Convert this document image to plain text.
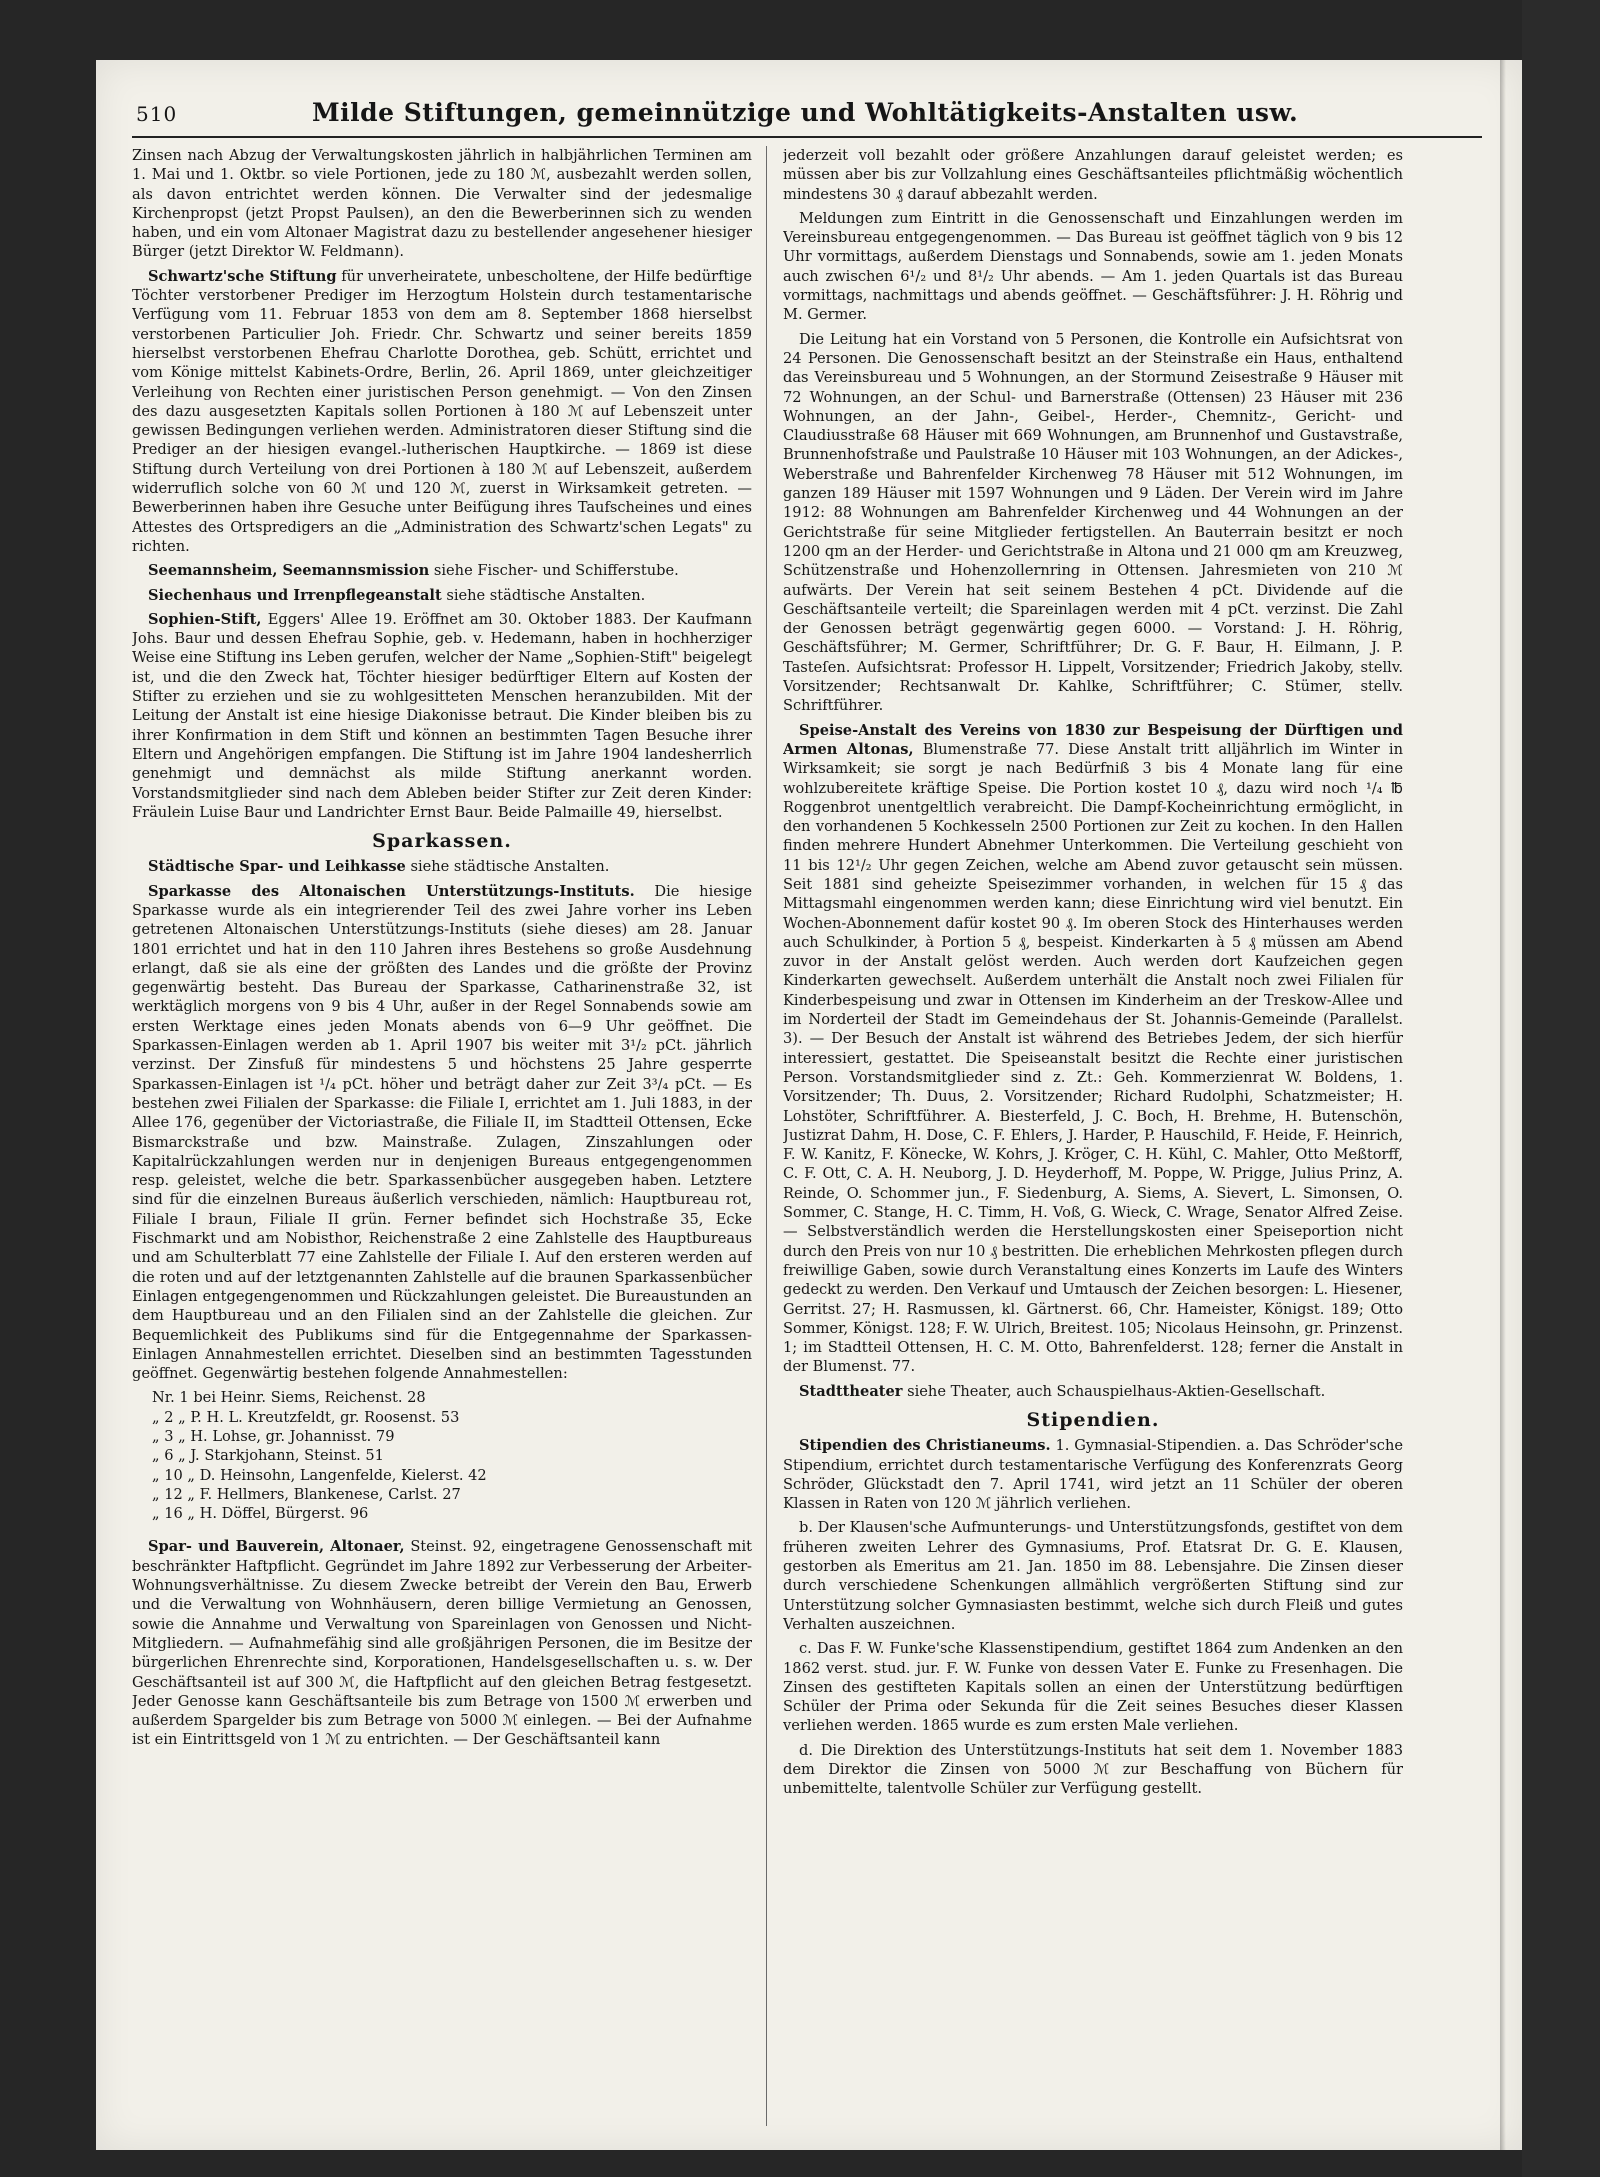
510	Milde Stiftungen, gemeinnützige und Wohltätigkeits-Anstalten usw.

Zinsen nach Abzug der Verwaltungskosten jährlich in halbjährlichen Terminen am 1. Mai und 1. Oktbr. so viele Portionen, jede zu 180 ℳ, ausbezahlt werden sollen, als davon entrichtet werden können. Die Verwalter sind der jedesmalige Kirchenpropst (jetzt Propst Paulsen), an den die Bewerberinnen sich zu wenden haben, und ein vom Altonaer Magistrat dazu zu bestellender angesehener hiesiger Bürger (jetzt Direktor W. Feldmann).

Schwartz'sche Stiftung für unverheiratete, unbescholtene, der Hilfe bedürftige Töchter verstorbener Prediger im Herzogtum Holstein durch testamentarische Verfügung vom 11. Februar 1853 von dem am 8. September 1868 hierselbst verstorbenen Particulier Joh. Friedr. Chr. Schwartz und seiner bereits 1859 hierselbst verstorbenen Ehefrau Charlotte Dorothea, geb. Schütt, errichtet und vom Könige mittelst Kabinets-Ordre, Berlin, 26. April 1869, unter gleichzeitiger Verleihung von Rechten einer juristischen Person genehmigt. — Von den Zinsen des dazu ausgesetzten Kapitals sollen Portionen à 180 ℳ auf Lebenszeit unter gewissen Bedingungen verliehen werden. Administratoren dieser Stiftung sind die Prediger an der hiesigen evangel.-lutherischen Hauptkirche. — 1869 ist diese Stiftung durch Verteilung von drei Portionen à 180 ℳ auf Lebenszeit, außerdem widerruflich solche von 60 ℳ und 120 ℳ, zuerst in Wirksamkeit getreten. — Bewerberinnen haben ihre Gesuche unter Beifügung ihres Taufscheines und eines Attestes des Ortspredigers an die „Administration des Schwartz'schen Legats" zu richten.

Seemannsheim, Seemannsmission siehe Fischer- und Schifferstube.

Siechenhaus und Irrenpflegeanstalt siehe städtische Anstalten.

Sophien-Stift, Eggers' Allee 19. Eröffnet am 30. Oktober 1883. Der Kaufmann Johs. Baur und dessen Ehefrau Sophie, geb. v. Hedemann, haben in hochherziger Weise eine Stiftung ins Leben gerufen, welcher der Name „Sophien-Stift" beigelegt ist, und die den Zweck hat, Töchter hiesiger bedürftiger Eltern auf Kosten der Stifter zu erziehen und sie zu wohlgesitteten Menschen heranzubilden. Mit der Leitung der Anstalt ist eine hiesige Diakonisse betraut. Die Kinder bleiben bis zu ihrer Konfirmation in dem Stift und können an bestimmten Tagen Besuche ihrer Eltern und Angehörigen empfangen. Die Stiftung ist im Jahre 1904 landesherrlich genehmigt und demnächst als milde Stiftung anerkannt worden. Vorstandsmitglieder sind nach dem Ableben beider Stifter zur Zeit deren Kinder: Fräulein Luise Baur und Landrichter Ernst Baur. Beide Palmaille 49, hierselbst.

Sparkassen.

Städtische Spar- und Leihkasse siehe städtische Anstalten.

Sparkasse des Altonaischen Unterstützungs-Instituts. Die hiesige Sparkasse wurde als ein integrierender Teil des zwei Jahre vorher ins Leben getretenen Altonaischen Unterstützungs-Instituts (siehe dieses) am 28. Januar 1801 errichtet und hat in den 110 Jahren ihres Bestehens so große Ausdehnung erlangt, daß sie als eine der größten des Landes und die größte der Provinz gegenwärtig besteht. Das Bureau der Sparkasse, Catharinenstraße 32, ist werktäglich morgens von 9 bis 4 Uhr, außer in der Regel Sonnabends sowie am ersten Werktage eines jeden Monats abends von 6—9 Uhr geöffnet. Die Sparkassen-Einlagen werden ab 1. April 1907 bis weiter mit 3¹/₂ pCt. jährlich verzinst. Der Zinsfuß für mindestens 5 und höchstens 25 Jahre gesperrte Sparkassen-Einlagen ist ¹/₄ pCt. höher und beträgt daher zur Zeit 3³/₄ pCt. — Es bestehen zwei Filialen der Sparkasse: die Filiale I, errichtet am 1. Juli 1883, in der Allee 176, gegenüber der Victoriastraße, die Filiale II, im Stadtteil Ottensen, Ecke Bismarckstraße und bzw. Mainstraße. Zulagen, Zinszahlungen oder Kapitalrückzahlungen werden nur in denjenigen Bureaus entgegengenommen resp. geleistet, welche die betr. Sparkassenbücher ausgegeben haben. Letztere sind für die einzelnen Bureaus äußerlich verschieden, nämlich: Hauptbureau rot, Filiale I braun, Filiale II grün. Ferner befindet sich Hochstraße 35, Ecke Fischmarkt und am Nobisthor, Reichenstraße 2 eine Zahlstelle des Hauptbureaus und am Schulterblatt 77 eine Zahlstelle der Filiale I. Auf den ersteren werden auf die roten und auf der letztgenannten Zahlstelle auf die braunen Sparkassenbücher Einlagen entgegengenommen und Rückzahlungen geleistet. Die Bureaustunden an dem Hauptbureau und an den Filialen sind an der Zahlstelle die gleichen. Zur Bequemlichkeit des Publikums sind für die Entgegennahme der Sparkassen-Einlagen Annahmestellen errichtet. Dieselben sind an bestimmten Tagesstunden geöffnet. Gegenwärtig bestehen folgende Annahmestellen:

Nr. 1 bei Heinr. Siems, Reichenst. 28
„ 2 „ P. H. L. Kreutzfeldt, gr. Roosenst. 53
„ 3 „ H. Lohse, gr. Johannisst. 79
„ 6 „ J. Starkjohann, Steinst. 51
„ 10 „ D. Heinsohn, Langenfelde, Kielerst. 42
„ 12 „ F. Hellmers, Blankenese, Carlst. 27
„ 16 „ H. Döffel, Bürgerst. 96

Spar- und Bauverein, Altonaer, Steinst. 92, eingetragene Genossenschaft mit beschränkter Haftpflicht. Gegründet im Jahre 1892 zur Verbesserung der Arbeiter-Wohnungsverhältnisse. Zu diesem Zwecke betreibt der Verein den Bau, Erwerb und die Verwaltung von Wohnhäusern, deren billige Vermietung an Genossen, sowie die Annahme und Verwaltung von Spareinlagen von Genossen und Nicht-Mitgliedern. — Aufnahmefähig sind alle großjährigen Personen, die im Besitze der bürgerlichen Ehrenrechte sind, Korporationen, Handelsgesellschaften u. s. w. Der Geschäftsanteil ist auf 300 ℳ, die Haftpflicht auf den gleichen Betrag festgesetzt. Jeder Genosse kann Geschäftsanteile bis zum Betrage von 1500 ℳ erwerben und außerdem Spargelder bis zum Betrage von 5000 ℳ einlegen. — Bei der Aufnahme ist ein Eintrittsgeld von 1 ℳ zu entrichten. — Der Geschäftsanteil kann

jederzeit voll bezahlt oder größere Anzahlungen darauf geleistet werden; es müssen aber bis zur Vollzahlung eines Geschäftsanteiles pflichtmäßig wöchentlich mindestens 30 ₰ darauf abbezahlt werden.

Meldungen zum Eintritt in die Genossenschaft und Einzahlungen werden im Vereinsbureau entgegengenommen. — Das Bureau ist geöffnet täglich von 9 bis 12 Uhr vormittags, außerdem Dienstags und Sonnabends, sowie am 1. jeden Monats auch zwischen 6¹/₂ und 8¹/₂ Uhr abends. — Am 1. jeden Quartals ist das Bureau vormittags, nachmittags und abends geöffnet. — Geschäftsführer: J. H. Röhrig und M. Germer.

Die Leitung hat ein Vorstand von 5 Personen, die Kontrolle ein Aufsichtsrat von 24 Personen. Die Genossenschaft besitzt an der Steinstraße ein Haus, enthaltend das Vereinsbureau und 5 Wohnungen, an der Stormund Zeisestraße 9 Häuser mit 72 Wohnungen, an der Schul- und Barnerstraße (Ottensen) 23 Häuser mit 236 Wohnungen, an der Jahn-, Geibel-, Herder-, Chemnitz-, Gericht- und Claudiusstraße 68 Häuser mit 669 Wohnungen, am Brunnenhof und Gustavstraße, Brunnenhofstraße und Paulstraße 10 Häuser mit 103 Wohnungen, an der Adickes-, Weberstraße und Bahrenfelder Kirchenweg 78 Häuser mit 512 Wohnungen, im ganzen 189 Häuser mit 1597 Wohnungen und 9 Läden. Der Verein wird im Jahre 1912: 88 Wohnungen am Bahrenfelder Kirchenweg und 44 Wohnungen an der Gerichtstraße für seine Mitglieder fertigstellen. An Bauterrain besitzt er noch 1200 qm an der Herder- und Gerichtstraße in Altona und 21 000 qm am Kreuzweg, Schützenstraße und Hohenzollernring in Ottensen. Jahresmieten von 210 ℳ aufwärts. Der Verein hat seit seinem Bestehen 4 pCt. Dividende auf die Geschäftsanteile verteilt; die Spareinlagen werden mit 4 pCt. verzinst. Die Zahl der Genossen beträgt gegenwärtig gegen 6000. — Vorstand: J. H. Röhrig, Geschäftsführer; M. Germer, Schriftführer; Dr. G. F. Baur, H. Eilmann, J. P. Tasteſen. Aufsichtsrat: Professor H. Lippelt, Vorsitzender; Friedrich Jakoby, stellv. Vorsitzender; Rechtsanwalt Dr. Kahlke, Schriftführer; C. Stümer, stellv. Schriftführer.

Speise-Anstalt des Vereins von 1830 zur Bespeisung der Dürftigen und Armen Altonas, Blumenstraße 77. Diese Anstalt tritt alljährlich im Winter in Wirksamkeit; sie sorgt je nach Bedürfniß 3 bis 4 Monate lang für eine wohlzubereitete kräftige Speise. Die Portion kostet 10 ₰, dazu wird noch ¹/₄ ℔ Roggenbrot unentgeltlich verabreicht. Die Dampf-Kocheinrichtung ermöglicht, in den vorhandenen 5 Kochkesseln 2500 Portionen zur Zeit zu kochen. In den Hallen finden mehrere Hundert Abnehmer Unterkommen. Die Verteilung geschieht von 11 bis 12¹/₂ Uhr gegen Zeichen, welche am Abend zuvor getauscht sein müssen. Seit 1881 sind geheizte Speisezimmer vorhanden, in welchen für 15 ₰ das Mittagsmahl eingenommen werden kann; diese Einrichtung wird viel benutzt. Ein Wochen-Abonnement dafür kostet 90 ₰. Im oberen Stock des Hinterhauses werden auch Schulkinder, à Portion 5 ₰, bespeist. Kinderkarten à 5 ₰ müssen am Abend zuvor in der Anstalt gelöst werden. Auch werden dort Kaufzeichen gegen Kinderkarten gewechselt. Außerdem unterhält die Anstalt noch zwei Filialen für Kinderbespeisung und zwar in Ottensen im Kinderheim an der Treskow-Allee und im Norderteil der Stadt im Gemeindehaus der St. Johannis-Gemeinde (Parallelst. 3). — Der Besuch der Anstalt ist während des Betriebes Jedem, der sich hierfür interessiert, gestattet. Die Speiseanstalt besitzt die Rechte einer juristischen Person. Vorstandsmitglieder sind z. Zt.: Geh. Kommerzienrat W. Boldens, 1. Vorsitzender; Th. Duus, 2. Vorsitzender; Richard Rudolphi, Schatzmeister; H. Lohstöter, Schriftführer. A. Biesterfeld, J. C. Boch, H. Brehme, H. Butenschön, Justizrat Dahm, H. Dose, C. F. Ehlers, J. Harder, P. Hauschild, F. Heide, F. Heinrich, F. W. Kanitz, F. Könecke, W. Kohrs, J. Kröger, C. H. Kühl, C. Mahler, Otto Meßtorff, C. F. Ott, C. A. H. Neuborg, J. D. Heyderhoff, M. Poppe, W. Prigge, Julius Prinz, A. Reinde, O. Schommer jun., F. Siedenburg, A. Siems, A. Sievert, L. Simonsen, O. Sommer, C. Stange, H. C. Timm, H. Voß, G. Wieck, C. Wrage, Senator Alfred Zeise. — Selbstverständlich werden die Herstellungskosten einer Speiseportion nicht durch den Preis von nur 10 ₰ bestritten. Die erheblichen Mehrkosten pflegen durch freiwillige Gaben, sowie durch Veranstaltung eines Konzerts im Laufe des Winters gedeckt zu werden. Den Verkauf und Umtausch der Zeichen besorgen: L. Hiesener, Gerritst. 27; H. Rasmussen, kl. Gärtnerst. 66, Chr. Hameister, Königst. 189; Otto Sommer, Königst. 128; F. W. Ulrich, Breitest. 105; Nicolaus Heinsohn, gr. Prinzenst. 1; im Stadtteil Ottensen, H. C. M. Otto, Bahrenfelderst. 128; ferner die Anstalt in der Blumenst. 77.

Stadttheater siehe Theater, auch Schauspielhaus-Aktien-Gesellschaft.

Stipendien.

Stipendien des Christianeums. 1. Gymnasial-Stipendien. a. Das Schröder'sche Stipendium, errichtet durch testamentarische Verfügung des Konferenzrats Georg Schröder, Glückstadt den 7. April 1741, wird jetzt an 11 Schüler der oberen Klassen in Raten von 120 ℳ jährlich verliehen.

b. Der Klausen'sche Aufmunterungs- und Unterstützungsfonds, gestiftet von dem früheren zweiten Lehrer des Gymnasiums, Prof. Etatsrat Dr. G. E. Klausen, gestorben als Emeritus am 21. Jan. 1850 im 88. Lebensjahre. Die Zinsen dieser durch verschiedene Schenkungen allmählich vergrößerten Stiftung sind zur Unterstützung solcher Gymnasiasten bestimmt, welche sich durch Fleiß und gutes Verhalten auszeichnen.

c. Das F. W. Funke'sche Klassenstipendium, gestiftet 1864 zum Andenken an den 1862 verst. stud. jur. F. W. Funke von dessen Vater E. Funke zu Fresenhagen. Die Zinsen des gestifteten Kapitals sollen an einen der Unterstützung bedürftigen Schüler der Prima oder Sekunda für die Zeit seines Besuches dieser Klassen verliehen werden. 1865 wurde es zum ersten Male verliehen.

d. Die Direktion des Unterstützungs-Instituts hat seit dem 1. November 1883 dem Direktor die Zinsen von 5000 ℳ zur Beschaffung von Büchern für unbemittelte, talentvolle Schüler zur Verfügung gestellt.
